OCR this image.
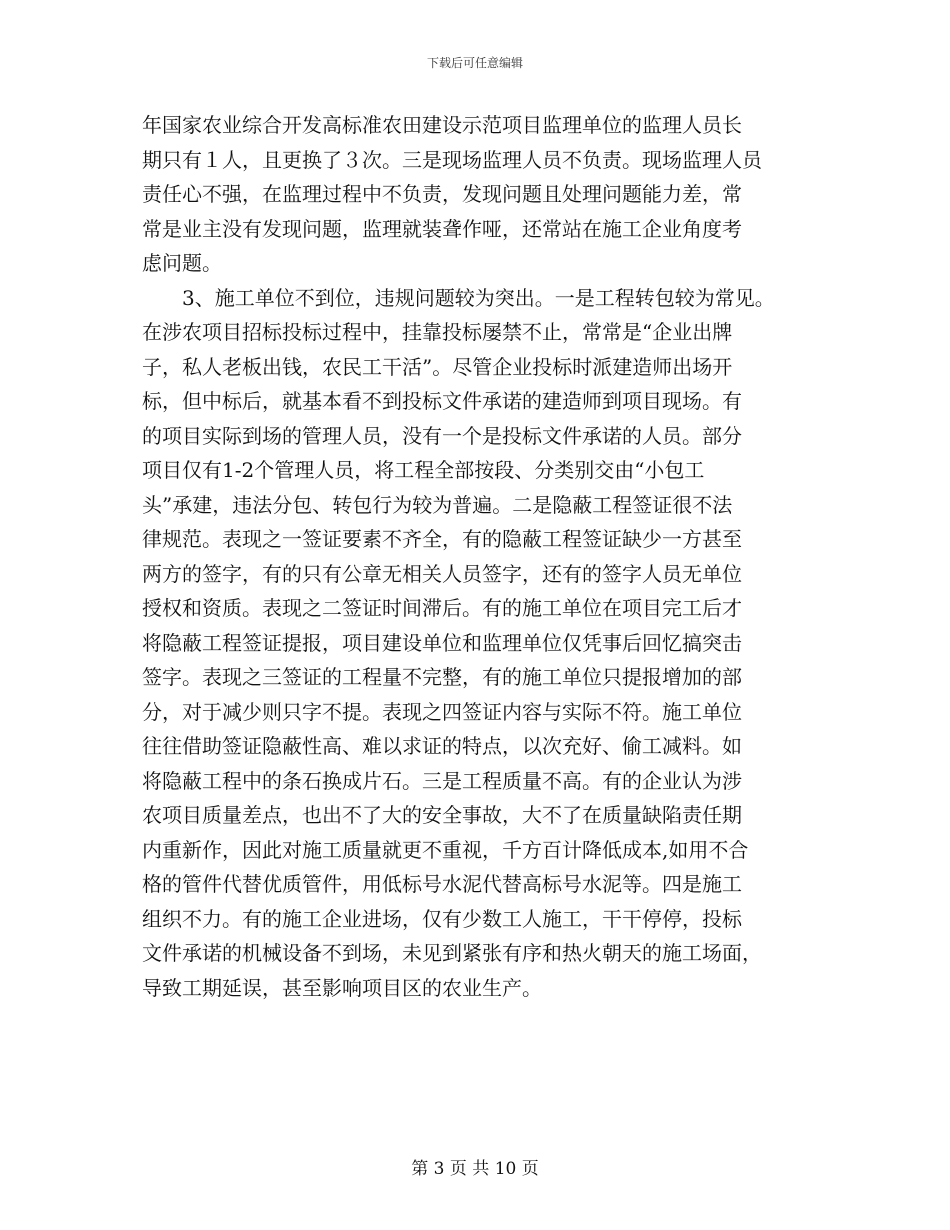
下载后可任意编辑
年国家农业综合开发高标准农田建设示范项目监理单位的监理人员长
期只有１人，且更换了３次。三是现场监理人员不负责。现场监理人员
责任心不强，在监理过程中不负责，发现问题且处理问题能力差，常
常是业主没有发现问题，监理就装聋作哑，还常站在施工企业角度考
虑问题。
3、施工单位不到位，违规问题较为突出。一是工程转包较为常见。
在涉农项目招标投标过程中，挂靠投标屡禁不止，常常是“企业出牌
子，私人老板出钱，农民工干活”。尽管企业投标时派建造师出场开
标，但中标后，就基本看不到投标文件承诺的建造师到项目现场。有
的项目实际到场的管理人员，没有一个是投标文件承诺的人员。部分
项目仅有1-2个管理人员，将工程全部按段、分类别交由“小包工
头”承建，违法分包、转包行为较为普遍。二是隐蔽工程签证很不法
律规范。表现之一签证要素不齐全，有的隐蔽工程签证缺少一方甚至
两方的签字，有的只有公章无相关人员签字，还有的签字人员无单位
授权和资质。表现之二签证时间滞后。有的施工单位在项目完工后才
将隐蔽工程签证提报，项目建设单位和监理单位仅凭事后回忆搞突击
签字。表现之三签证的工程量不完整，有的施工单位只提报增加的部
分，对于减少则只字不提。表现之四签证内容与实际不符。施工单位
往往借助签证隐蔽性高、难以求证的特点，以次充好、偷工减料。如
将隐蔽工程中的条石换成片石。三是工程质量不高。有的企业认为涉
农项目质量差点，也出不了大的安全事故，大不了在质量缺陷责任期
内重新作，因此对施工质量就更不重视，千方百计降低成本,如用不合
格的管件代替优质管件，用低标号水泥代替高标号水泥等。四是施工
组织不力。有的施工企业进场，仅有少数工人施工，干干停停，投标
文件承诺的机械设备不到场，未见到紧张有序和热火朝天的施工场面，
导致工期延误，甚至影响项目区的农业生产。
第 3 页 共 10 页
